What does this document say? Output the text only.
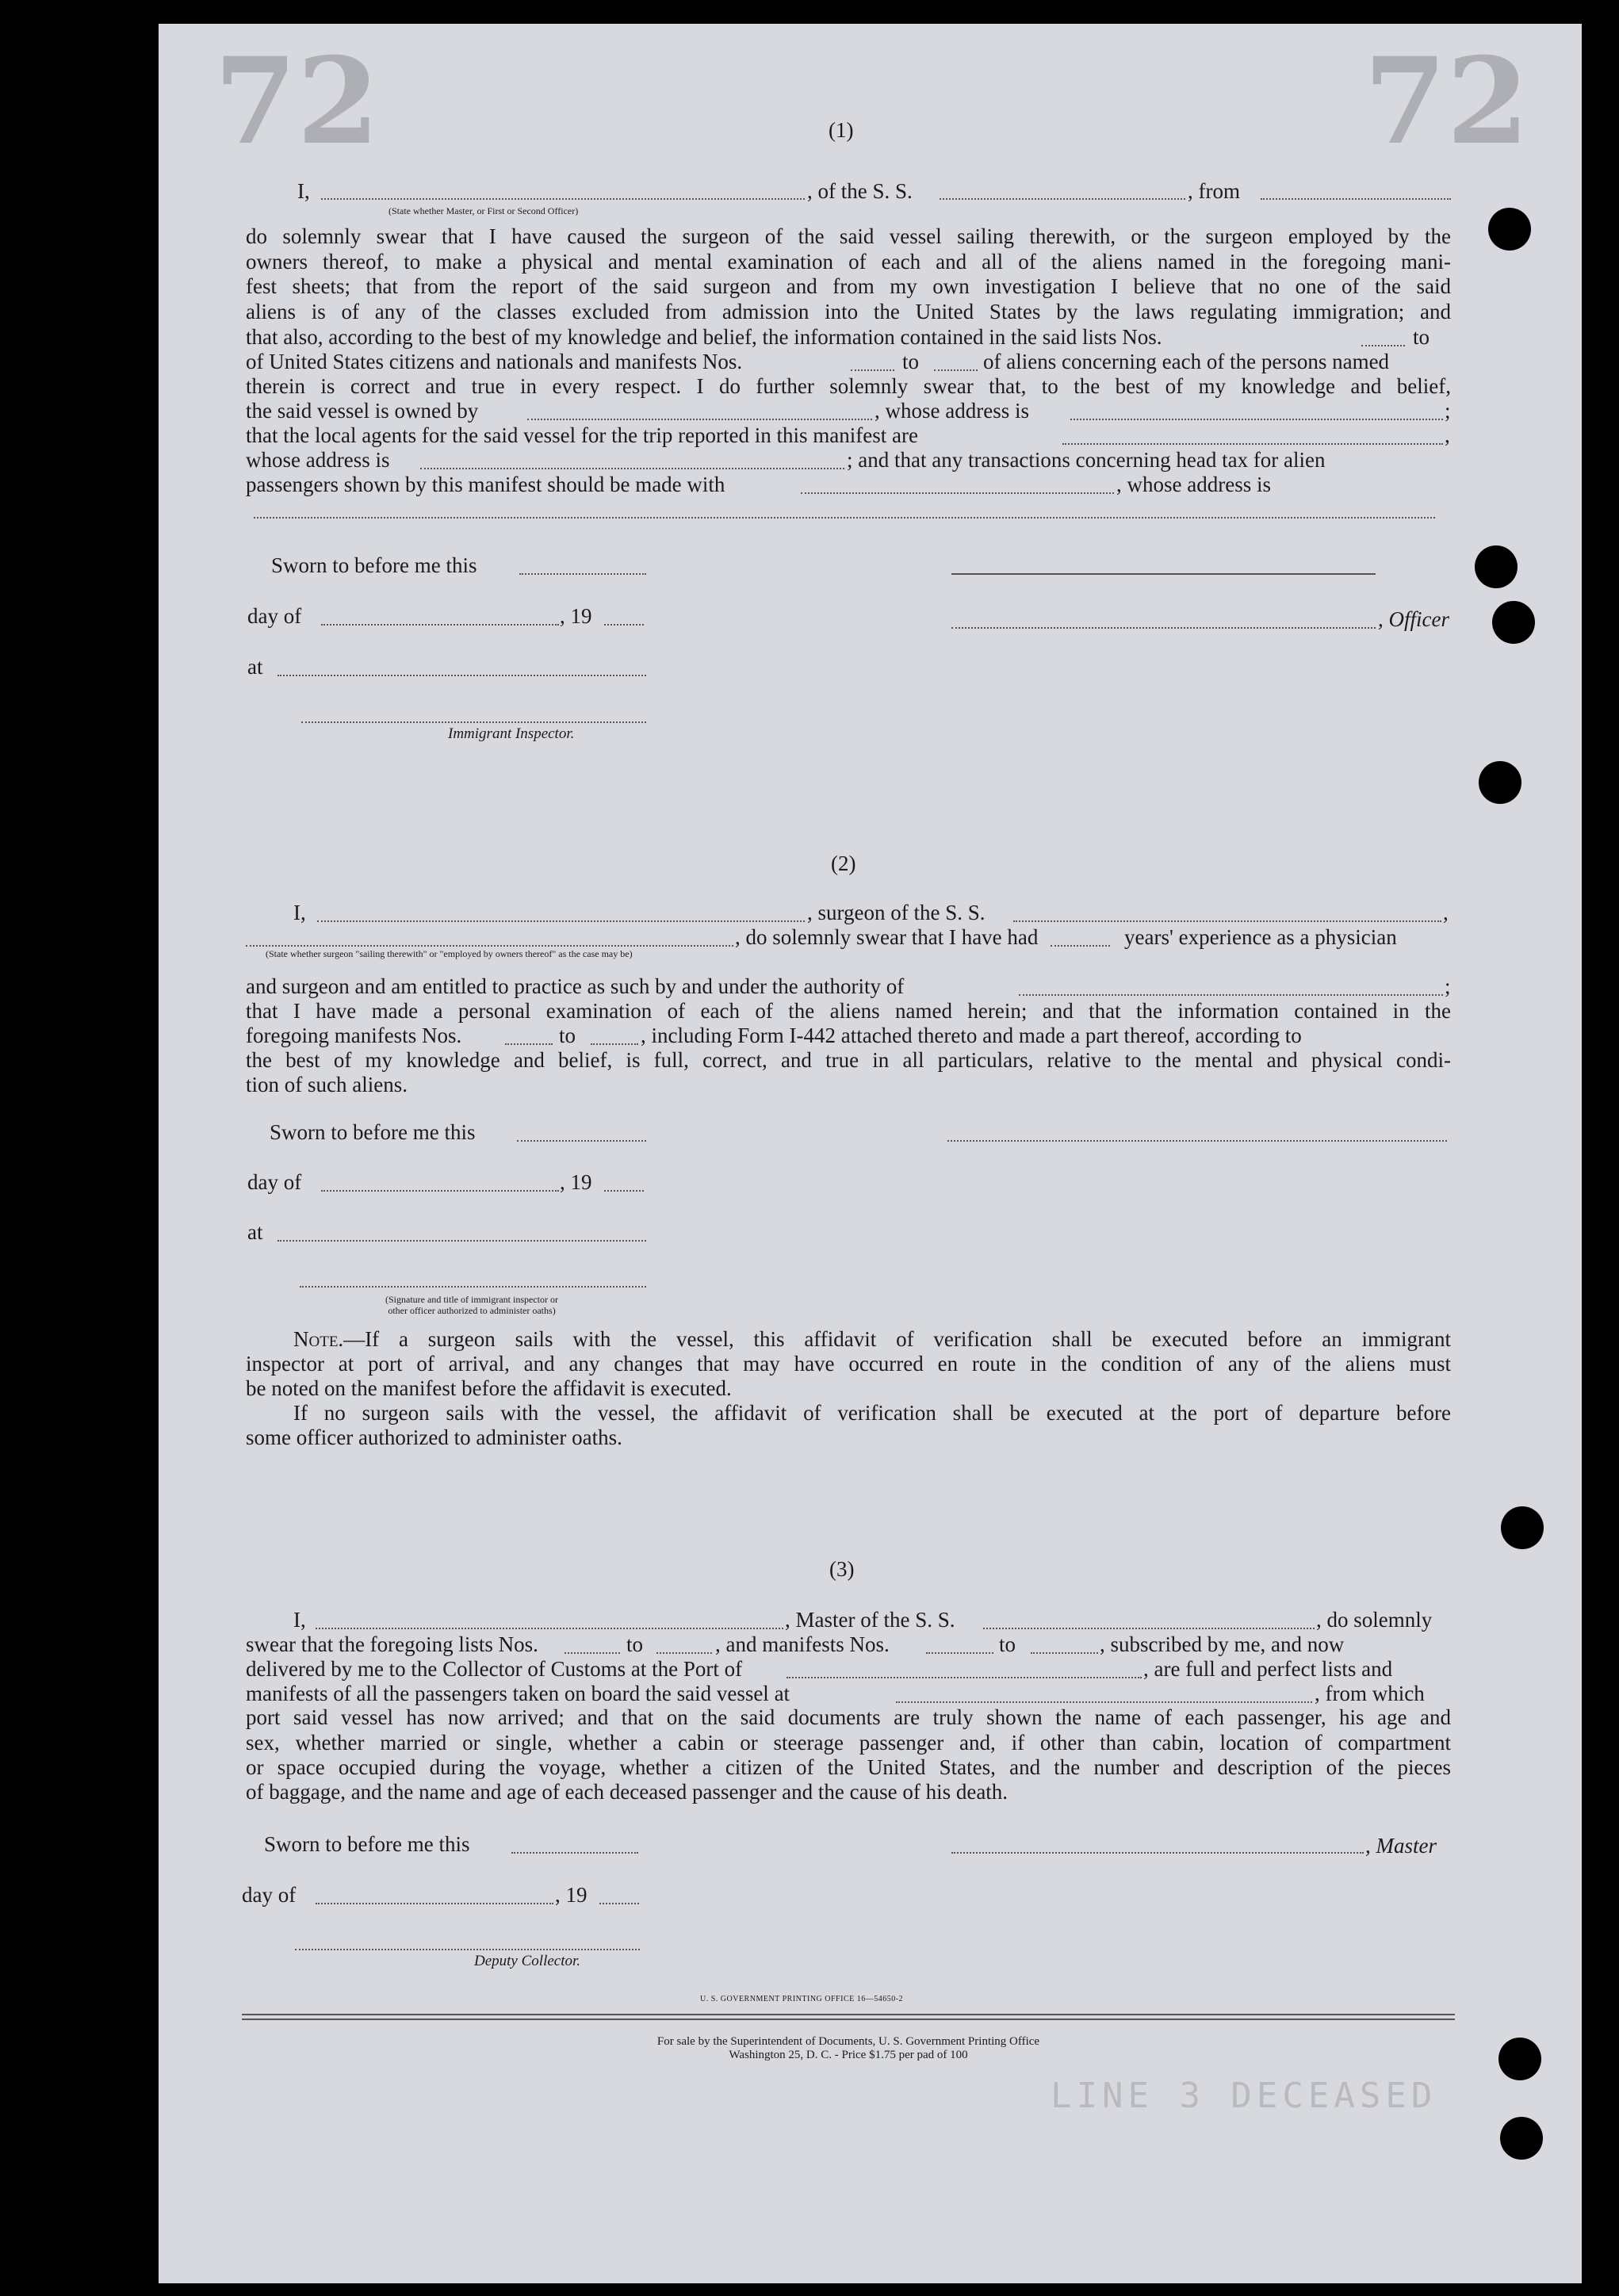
72	72
(1)
I,	, of the S. S.	, from
(State whether Master, or First or Second Officer)
do solemnly swear that I have caused the surgeon of the said vessel sailing therewith, or the surgeon employed by the
owners thereof, to make a physical and mental examination of each and all of the aliens named in the foregoing mani-
fest sheets; that from the report of the said surgeon and from my own investigation I believe that no one of the said
aliens is of any of the classes excluded from admission into the United States by the laws regulating immigration; and
that also, according to the best of my knowledge and belief, the information contained in the said lists Nos.	to
of United States citizens and nationals and manifests Nos.	to	of aliens concerning each of the persons named
therein is correct and true in every respect. I do further solemnly swear that, to the best of my knowledge and belief,
the said vessel is owned by	, whose address is	;
that the local agents for the said vessel for the trip reported in this manifest are	,
whose address is	; and that any transactions concerning head tax for alien
passengers shown by this manifest should be made with	, whose address is
Sworn to before me this
day of	, 19	, Officer
at
Immigrant Inspector.
(2)
I,	, surgeon of the S. S.	,
, do solemnly swear that I have had	years' experience as a physician
(State whether surgeon "sailing therewith" or "employed by owners thereof" as the case may be)
and surgeon and am entitled to practice as such by and under the authority of	;
that I have made a personal examination of each of the aliens named herein; and that the information contained in the
foregoing manifests Nos.	to	, including Form I-442 attached thereto and made a part thereof, according to
the best of my knowledge and belief, is full, correct, and true in all particulars, relative to the mental and physical condi-
tion of such aliens.
Sworn to before me this
day of	, 19
at
(Signature and title of immigrant inspector or
other officer authorized to administer oaths)
Note.—If a surgeon sails with the vessel, this affidavit of verification shall be executed before an immigrant
inspector at port of arrival, and any changes that may have occurred en route in the condition of any of the aliens must
be noted on the manifest before the affidavit is executed.
If no surgeon sails with the vessel, the affidavit of verification shall be executed at the port of departure before
some officer authorized to administer oaths.
(3)
I,	, Master of the S. S.	, do solemnly
swear that the foregoing lists Nos.	to	, and manifests Nos.	to	, subscribed by me, and now
delivered by me to the Collector of Customs at the Port of	, are full and perfect lists and
manifests of all the passengers taken on board the said vessel at	, from which
port said vessel has now arrived; and that on the said documents are truly shown the name of each passenger, his age and
sex, whether married or single, whether a cabin or steerage passenger and, if other than cabin, location of compartment
or space occupied during the voyage, whether a citizen of the United States, and the number and description of the pieces
of baggage, and the name and age of each deceased passenger and the cause of his death.
Sworn to before me this	, Master
day of	, 19
Deputy Collector.
U. S. GOVERNMENT PRINTING OFFICE 16—54650-2
For sale by the Superintendent of Documents, U. S. Government Printing Office
Washington 25, D. C. - Price $1.75 per pad of 100
LINE 3 DECEASED
